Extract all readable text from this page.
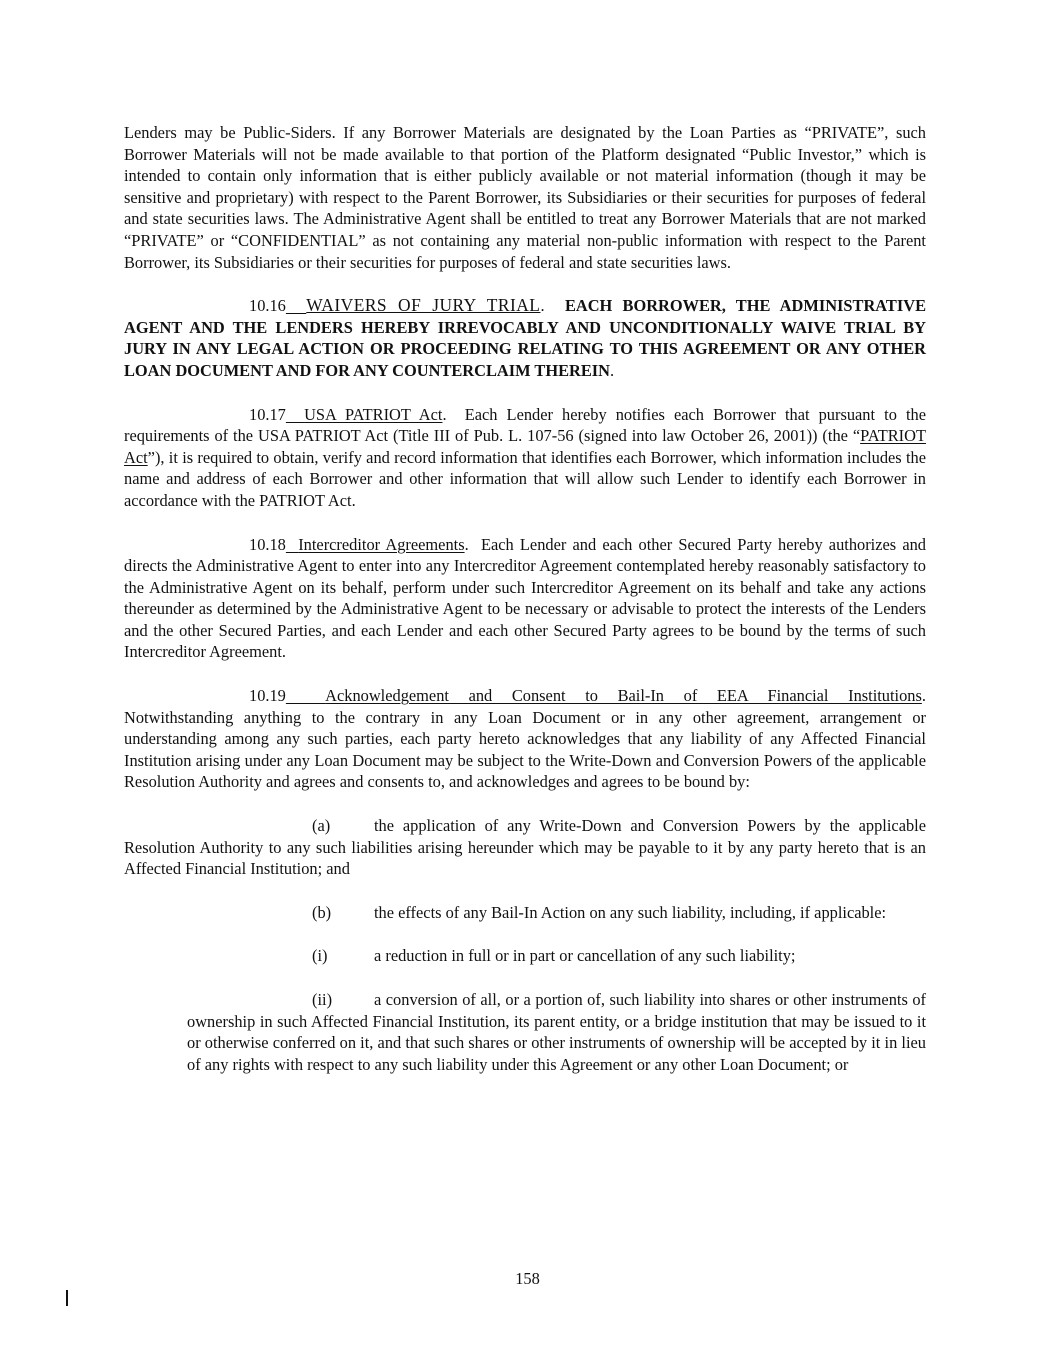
Lenders may be Public-Siders. If any Borrower Materials are designated by the Loan Parties as “PRIVATE”, such Borrower Materials will not be made available to that portion of the Platform designated “Public Investor,” which is intended to contain only information that is either publicly available or not material information (though it may be sensitive and proprietary) with respect to the Parent Borrower, its Subsidiaries or their securities for purposes of federal and state securities laws. The Administrative Agent shall be entitled to treat any Borrower Materials that are not marked “PRIVATE” or “CONFIDENTIAL” as not containing any material non-public information with respect to the Parent Borrower, its Subsidiaries or their securities for purposes of federal and state securities laws.

10.16 WAIVERS OF JURY TRIAL. EACH BORROWER, THE ADMINISTRATIVE AGENT AND THE LENDERS HEREBY IRREVOCABLY AND UNCONDITIONALLY WAIVE TRIAL BY JURY IN ANY LEGAL ACTION OR PROCEEDING RELATING TO THIS AGREEMENT OR ANY OTHER LOAN DOCUMENT AND FOR ANY COUNTERCLAIM THEREIN.

10.17 USA PATRIOT Act.  Each Lender hereby notifies each Borrower that pursuant to the requirements of the USA PATRIOT Act (Title III of Pub. L. 107-56 (signed into law October 26, 2001)) (the “PATRIOT Act”), it is required to obtain, verify and record information that identifies each Borrower, which information includes the name and address of each Borrower and other information that will allow such Lender to identify each Borrower in accordance with the PATRIOT Act.

10.18 Intercreditor Agreements.  Each Lender and each other Secured Party hereby authorizes and directs the Administrative Agent to enter into any Intercreditor Agreement contemplated hereby reasonably satisfactory to the Administrative Agent on its behalf, perform under such Intercreditor Agreement on its behalf and take any actions thereunder as determined by the Administrative Agent to be necessary or advisable to protect the interests of the Lenders and the other Secured Parties, and each Lender and each other Secured Party agrees to be bound by the terms of such Intercreditor Agreement.

10.19 Acknowledgement and Consent to Bail-In of EEA Financial Institutions.

Notwithstanding anything to the contrary in any Loan Document or in any other agreement, arrangement or understanding among any such parties, each party hereto acknowledges that any liability of any Affected Financial Institution arising under any Loan Document may be subject to the Write-Down and Conversion Powers of the applicable Resolution Authority and agrees and consents to, and acknowledges and agrees to be bound by:

(a)	the application of any Write-Down and Conversion Powers by the applicable Resolution Authority to any such liabilities arising hereunder which may be payable to it by any party hereto that is an Affected Financial Institution; and

(b)	the effects of any Bail-In Action on any such liability, including, if applicable:

(i)	a reduction in full or in part or cancellation of any such liability;

(ii)	a conversion of all, or a portion of, such liability into shares or other instruments of ownership in such Affected Financial Institution, its parent entity, or a bridge institution that may be issued to it or otherwise conferred on it, and that such shares or other instruments of ownership will be accepted by it in lieu of any rights with respect to any such liability under this Agreement or any other Loan Document; or

158
